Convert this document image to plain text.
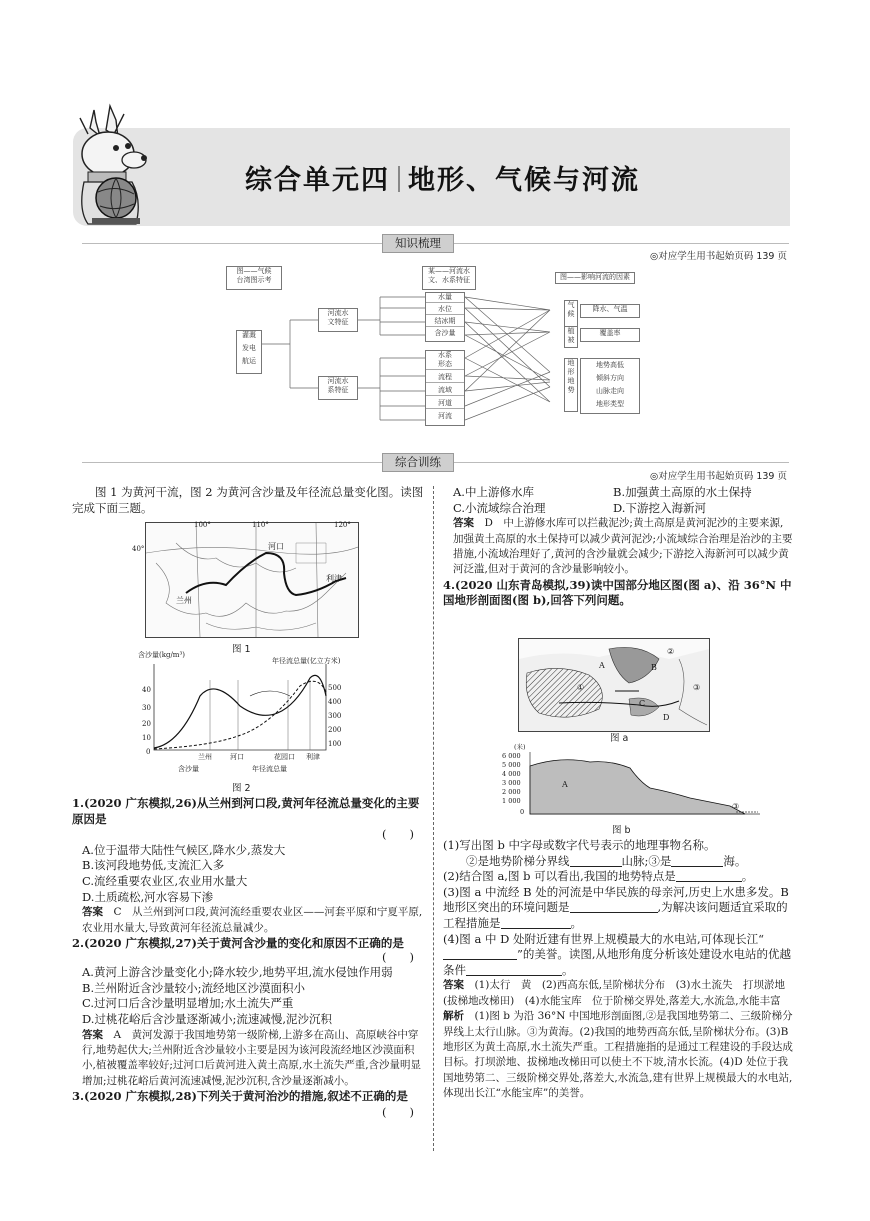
综合单元四 地形、气候与河流
知识梳理
◎对应学生用书起始页码 139 页
图——气候
台湾图示考
灌溉
发电
航运
河流水
文特征
河流水
系特征
某——河流水
文、水系特征
水量
水位
结冰期
含沙量
水系
形态
流程
流域
河道
河流
图——影响河流的因素
气候
降水、气温
植被
覆盖率
地形
地势
地势高低
倾斜方向
山脉走向
地形类型
综合训练
◎对应学生用书起始页码 139 页

图 1 为黄河干流，图 2 为黄河含沙量及年径流总量变化图。读图完成下面三题。

100°	110°	120°
40°	河口
利津
兰州
图 1
含沙量(kg/m³)
年径流总量(亿立方米)
40
30
20
10
0
500
400
300
200
100
兰州	河口	花园口 利津
含沙量	年径流总量
图 2

1.(2020 广东模拟,26)从兰州到河口段,黄河年径流总量变化的主要原因是

(　　)

A.位于温带大陆性气候区,降水少,蒸发大

B.该河段地势低,支流汇入多

C.流经重要农业区,农业用水量大

D.土质疏松,河水容易下渗

答案　 C　从兰州到河口段,黄河流经重要农业区——河套平原和宁夏平原,农业用水量大,导致黄河年径流总量减少。

2.(2020 广东模拟,27)关于黄河含沙量的变化和原因不正确的是

(　　)

A.黄河上游含沙量变化小;降水较少,地势平坦,流水侵蚀作用弱

B.兰州附近含沙量较小;流经地区沙漠面积小

C.过河口后含沙量明显增加;水土流失严重

D.过桃花峪后含沙量逐渐减小;流速减慢,泥沙沉积

答案　 A　黄河发源于我国地势第一级阶梯,上游多在高山、高原峡谷中穿行,地势起伏大;兰州附近含沙量较小主要是因为该河段流经地区沙漠面积小,植被覆盖率较好;过河口后黄河进入黄土高原,水土流失严重,含沙量明显增加;过桃花峪后黄河流速减慢,泥沙沉积,含沙量逐渐减小。

3.(2020 广东模拟,28)下列关于黄河治沙的措施,叙述不正确的是
(　　)

A.中上游修水库	B.加强黄土高原的水土保持

C.小流域综合治理	D.下游挖入海新河

答案　 D　中上游修水库可以拦截泥沙;黄土高原是黄河泥沙的主要来源,加强黄土高原的水土保持可以减少黄河泥沙;小流域综合治理是治沙的主要措施,小流域治理好了,黄河的含沙量就会减少;下游挖入海新河可以减少黄河泛滥,但对于黄河的含沙量影响较小。

4.(2020 山东青岛模拟,39)读中国部分地区图(图 a)、沿 36°N 中国地形剖面图(图 b),回答下列问题。

A	B
C
D
①
②
③
图 a
(米)
6 000
5 000
4 000
3 000
2 000
1 000
0
A
③
图 b

(1)写出图 b 中字母或数字代号表示的地理事物名称。

②是地势阶梯分界线	山脉;③是	海。

(2)结合图 a,图 b 可以看出,我国的地势特点是	。

(3)图 a 中流经 B 处的河流是中华民族的母亲河,历史上水患多发。B 地形区突出的环境问题是	,为解决该问题适宜采取的工程措施是	。

(4)图 a 中 D 处附近建有世界上规模最大的水电站,可体现长江“”的美誉。读图,从地形角度分析该处建设水电站的优越条件	。

答案　 (1)太行　黄　(2)西高东低,呈阶梯状分布　(3)水土流失　打坝淤地(拔梯地改梯田)　(4)水能宝库　位于阶梯交界处,落差大,水流急,水能丰富

解析　 (1)图 b 为沿 36°N 中国地形剖面图,②是我国地势第二、三级阶梯分界线上太行山脉。③为黄海。(2)我国的地势西高东低,呈阶梯状分布。(3)B 地形区为黄土高原,水土流失严重。工程措施指的是通过工程建设的手段达成目标。打坝淤地、拔梯地改梯田可以使土不下坡,清水长流。(4)D 处位于我国地势第二、三级阶梯交界处,落差大,水流急,建有世界上规模最大的水电站,体现出长江“水能宝库”的美誉。
